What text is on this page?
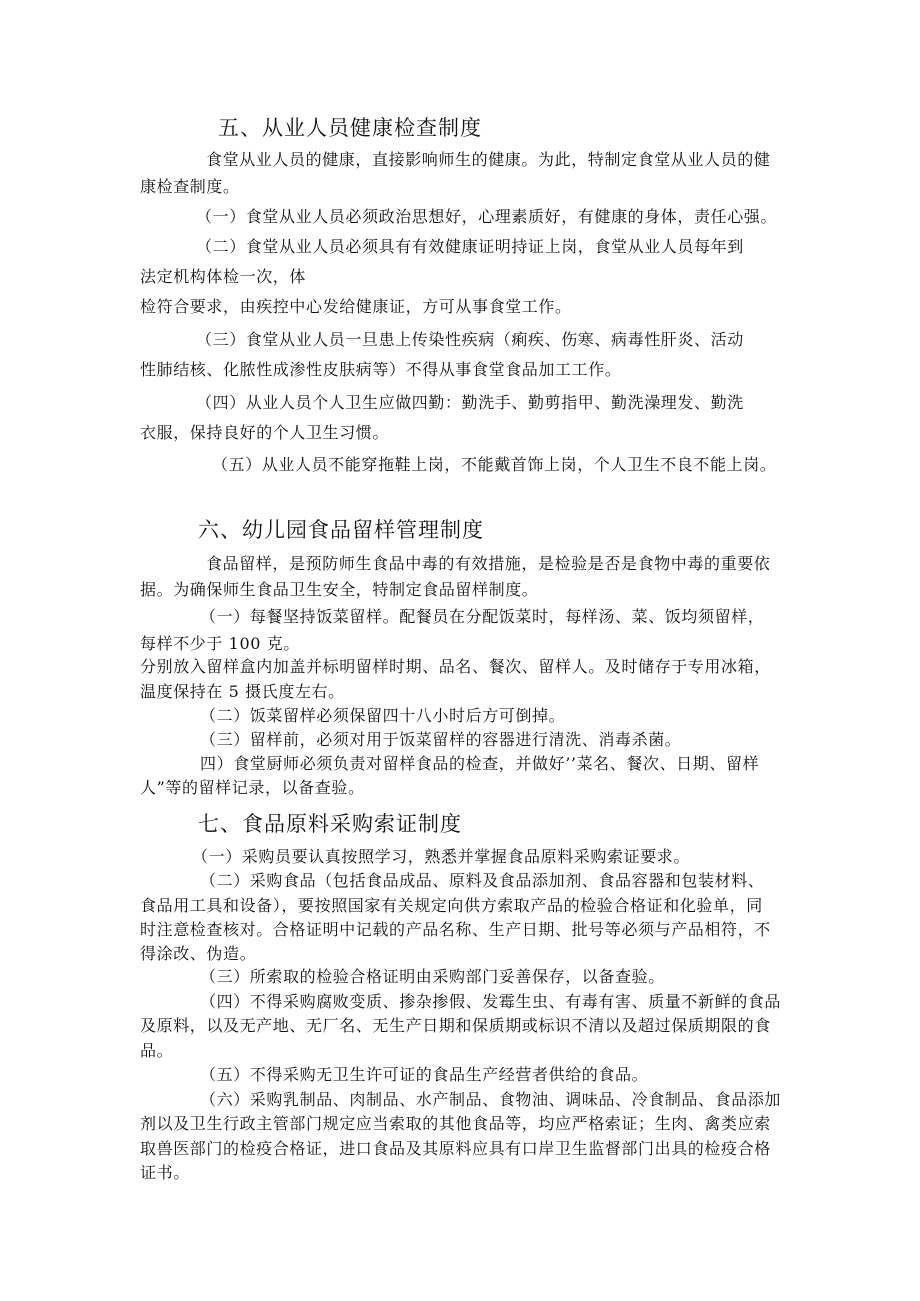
五、从业人员健康检查制度
食堂从业人员的健康，直接影响师生的健康。为此，特制定食堂从业人员的健
康检查制度。
（一）食堂从业人员必须政治思想好，心理素质好，有健康的身体，责任心强。
（二）食堂从业人员必须具有有效健康证明持证上岗，食堂从业人员每年到
法定机构体检一次，体
检符合要求，由疾控中心发给健康证，方可从事食堂工作。
（三）食堂从业人员一旦患上传染性疾病（痢疾、伤寒、病毒性肝炎、活动
性肺结核、化脓性成渗性皮肤病等）不得从事食堂食品加工工作。
（四）从业人员个人卫生应做四勤：勤洗手、勤剪指甲、勤洗澡理发、勤洗
衣服，保持良好的个人卫生习惯。
（五）从业人员不能穿拖鞋上岗，不能戴首饰上岗，个人卫生不良不能上岗。
六、幼儿园食品留样管理制度
食品留样，是预防师生食品中毒的有效措施，是检验是否是食物中毒的重要依
据。为确保师生食品卫生安全，特制定食品留样制度。
（一）每餐坚持饭菜留样。配餐员在分配饭菜时，每样汤、菜、饭均须留样，
每样不少于 100 克。
分别放入留样盒内加盖并标明留样时期、品名、餐次、留样人。及时储存于专用冰箱，
温度保持在 5 摄氏度左右。
（二）饭菜留样必须保留四十八小时后方可倒掉。
（三）留样前，必须对用于饭菜留样的容器进行清洗、消毒杀菌。
四）食堂厨师必须负责对留样食品的检查，并做好’’菜名、餐次、日期、留样
人”等的留样记录，以备查验。
七、食品原料采购索证制度
（一）采购员要认真按照学习，熟悉并掌握食品原料采购索证要求。
（二）采购食品（包括食品成品、原料及食品添加剂、食品容器和包装材料、
食品用工具和设备），要按照国家有关规定向供方索取产品的检验合格证和化验单，同
时注意检查核对。合格证明中记载的产品名称、生产日期、批号等必须与产品相符，不
得涂改、伪造。
（三）所索取的检验合格证明由采购部门妥善保存，以备查验。
（四）不得采购腐败变质、掺杂掺假、发霉生虫、有毒有害、质量不新鲜的食品
及原料，以及无产地、无厂名、无生产日期和保质期或标识不清以及超过保质期限的食
品。
（五）不得采购无卫生许可证的食品生产经营者供给的食品。
（六）采购乳制品、肉制品、水产制品、食物油、调味品、冷食制品、食品添加
剂以及卫生行政主管部门规定应当索取的其他食品等，均应严格索证；生肉、禽类应索
取兽医部门的检疫合格证，进口食品及其原料应具有口岸卫生监督部门出具的检疫合格
证书。
